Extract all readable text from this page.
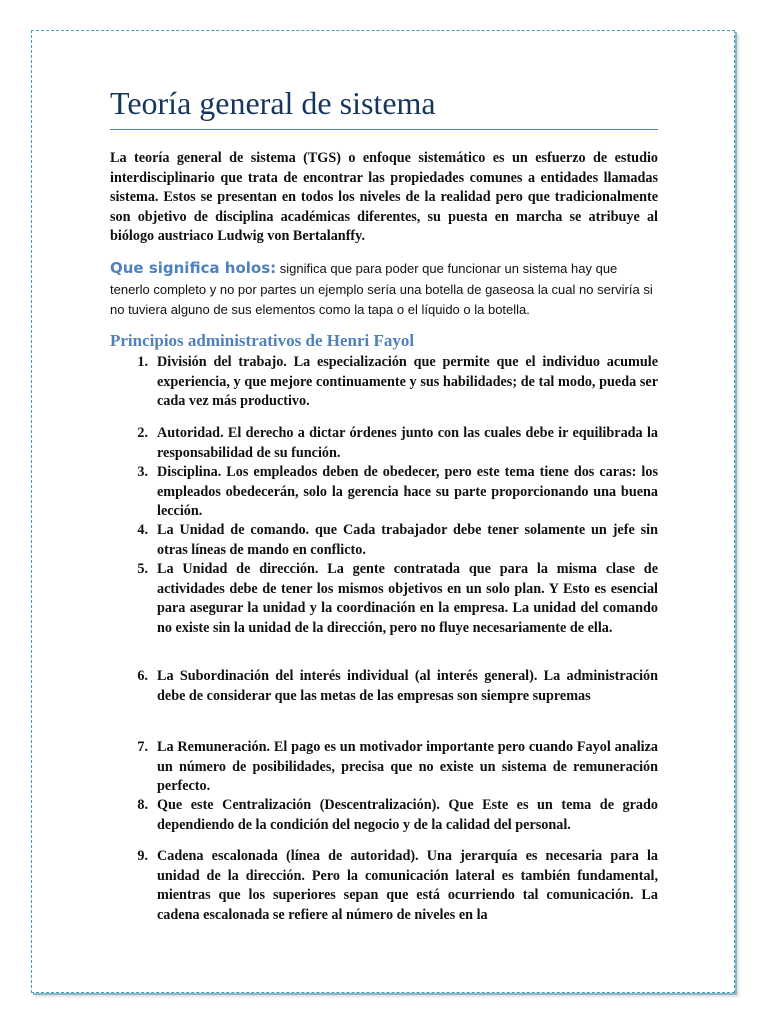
Teoría general de sistema

La teoría general de sistema (TGS) o enfoque sistemático es un esfuerzo de estudio interdisciplinario que trata de encontrar las propiedades comunes a entidades llamadas sistema. Estos se presentan en todos los niveles de la realidad pero que tradicionalmente son objetivo de disciplina académicas diferentes, su puesta en marcha se atribuye al biólogo austriaco Ludwig von Bertalanffy.

Que significa holos: significa que para poder que funcionar un sistema hay que tenerlo completo y no por partes un ejemplo sería una botella de gaseosa la cual no serviría si no tuviera alguno de sus elementos como la tapa o el líquido o la botella.

Principios administrativos de Henri Fayol
1. División del trabajo. La especialización que permite que el individuo acumule experiencia, y que mejore continuamente y sus habilidades; de tal modo, pueda ser cada vez más productivo.

2. Autoridad. El derecho a dictar órdenes junto con las cuales debe ir equilibrada la responsabilidad de su función.

3. Disciplina. Los empleados deben de obedecer, pero este tema tiene dos caras: los empleados obedecerán, solo la gerencia hace su parte proporcionando una buena lección.

4. La Unidad de comando. que Cada trabajador debe tener solamente un jefe sin otras líneas de mando en conflicto.

5. La Unidad de dirección. La gente contratada que para la misma clase de actividades debe de tener los mismos objetivos en un solo plan. Y Esto es esencial para asegurar la unidad y la coordinación en la empresa. La unidad del comando no existe sin la unidad de la dirección, pero no fluye necesariamente de ella.

6. La Subordinación del interés individual (al interés general). La administración debe de considerar que las metas de las empresas son siempre supremas

7. La Remuneración. El pago es un motivador importante pero cuando Fayol analiza un número de posibilidades, precisa que no existe un sistema de remuneración perfecto.

8. Que este Centralización (Descentralización). Que Este es un tema de grado dependiendo de la condición del negocio y de la calidad del personal.

9. Cadena escalonada (línea de autoridad). Una jerarquía es necesaria para la unidad de la dirección. Pero la comunicación lateral es también fundamental, mientras que los superiores sepan que está ocurriendo tal comunicación. La cadena escalonada se refiere al número de niveles en la
